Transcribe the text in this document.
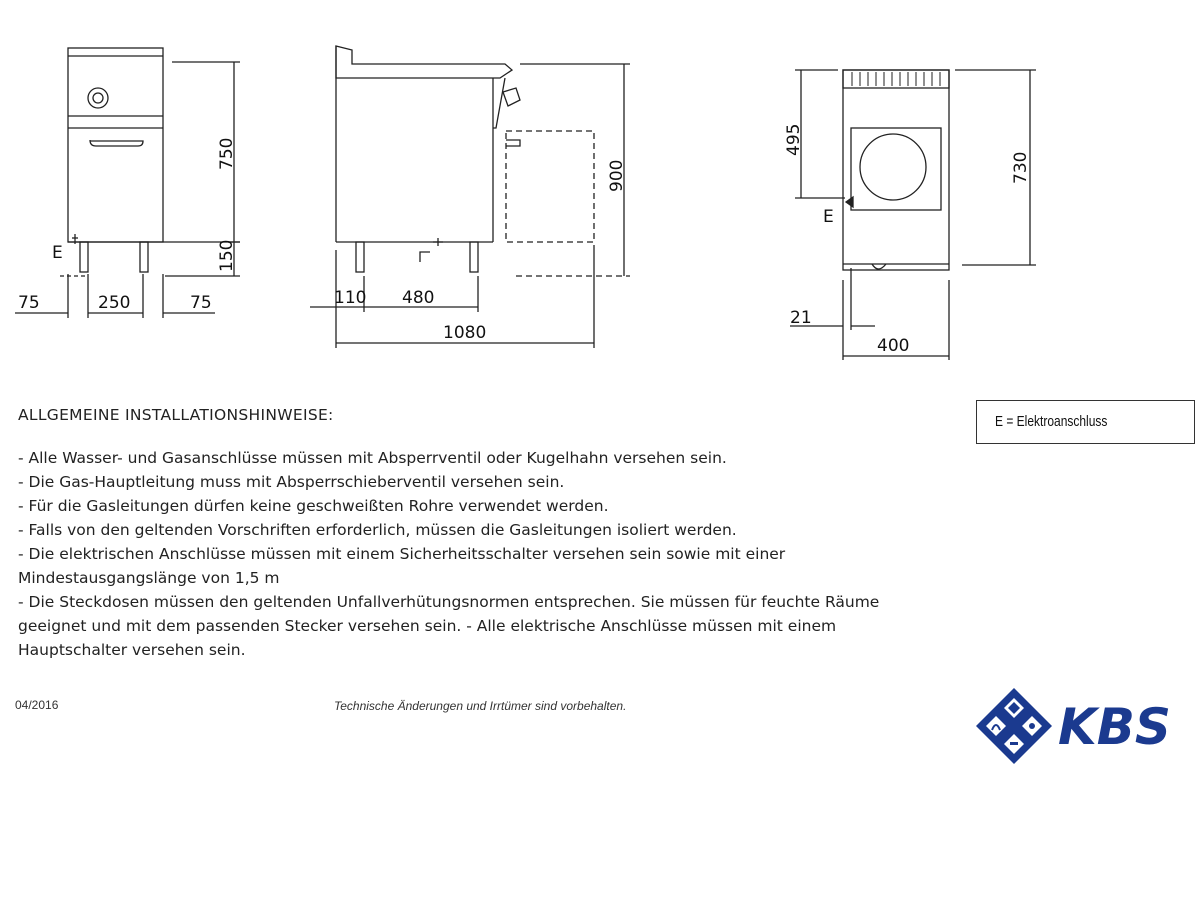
75	250	75
750
150
E
110 480
1080
900
495
730
21
400
E
E = Elektroanschluss
ALLGEMEINE INSTALLATIONSHINWEISE:

- Alle Wasser- und Gasanschlüsse müssen mit Absperrventil oder Kugelhahn versehen sein.

- Die Gas-Hauptleitung muss mit Absperrschieberventil versehen sein.

- Für die Gasleitungen dürfen keine geschweißten Rohre verwendet werden.

- Falls von den geltenden Vorschriften erforderlich, müssen die Gasleitungen isoliert werden.

- Die elektrischen Anschlüsse müssen mit einem Sicherheitsschalter versehen sein sowie mit einer

Mindestausgangslänge von 1,5 m

- Die Steckdosen müssen den geltenden Unfallverhütungsnormen entsprechen. Sie müssen für feuchte Räume

geeignet und mit dem passenden Stecker versehen sein. - Alle elektrische Anschlüsse müssen mit einem

Hauptschalter versehen sein.

04/2016	Technische Änderungen und Irrtümer sind vorbehalten.	KBS
